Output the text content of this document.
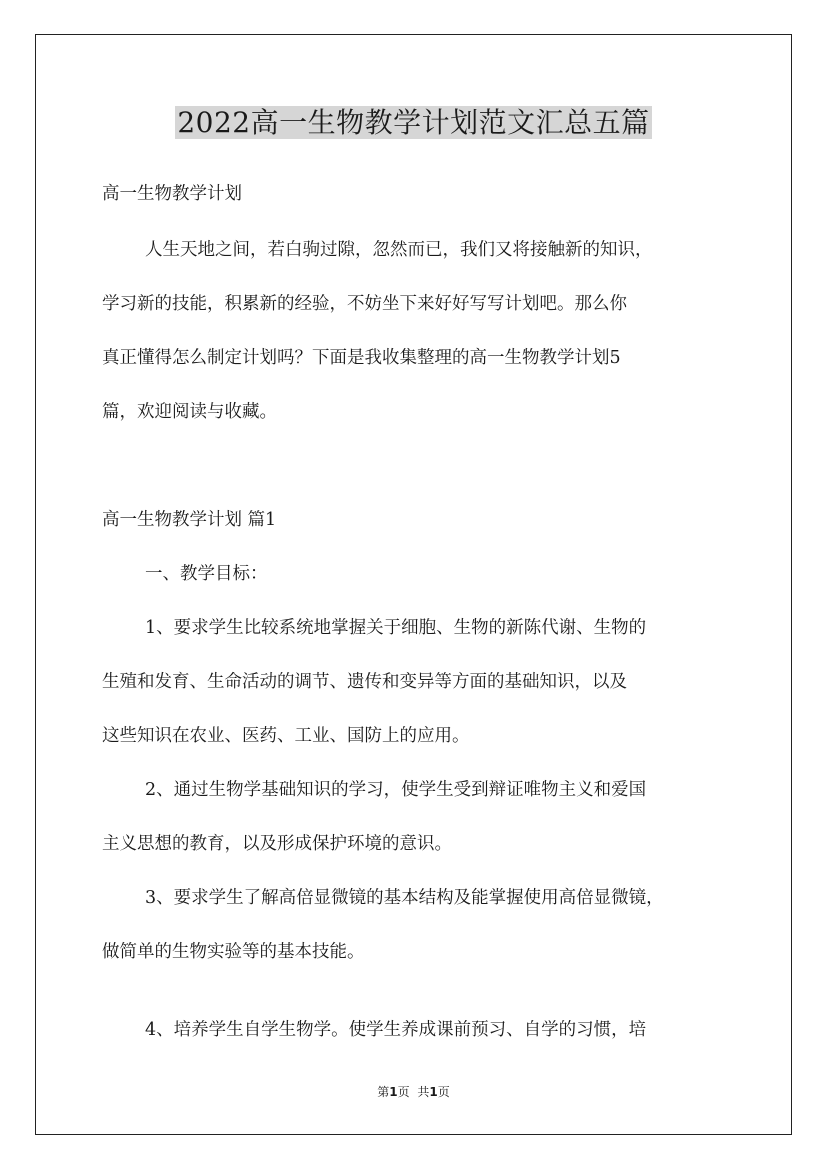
2022高一生物教学计划范文汇总五篇
高一生物教学计划
人生天地之间，若白驹过隙，忽然而已，我们又将接触新的知识，
学习新的技能，积累新的经验，不妨坐下来好好写写计划吧。那么你
真正懂得怎么制定计划吗？下面是我收集整理的高一生物教学计划5
篇，欢迎阅读与收藏。
高一生物教学计划 篇1
一、教学目标：
1、要求学生比较系统地掌握关于细胞、生物的新陈代谢、生物的
生殖和发育、生命活动的调节、遗传和变异等方面的基础知识，以及
这些知识在农业、医药、工业、国防上的应用。
2、通过生物学基础知识的学习，使学生受到辩证唯物主义和爱国
主义思想的教育，以及形成保护环境的意识。
3、要求学生了解高倍显微镜的基本结构及能掌握使用高倍显微镜，
做简单的生物实验等的基本技能。
4、培养学生自学生物学。使学生养成课前预习、自学的习惯，培
第1页 共1页
